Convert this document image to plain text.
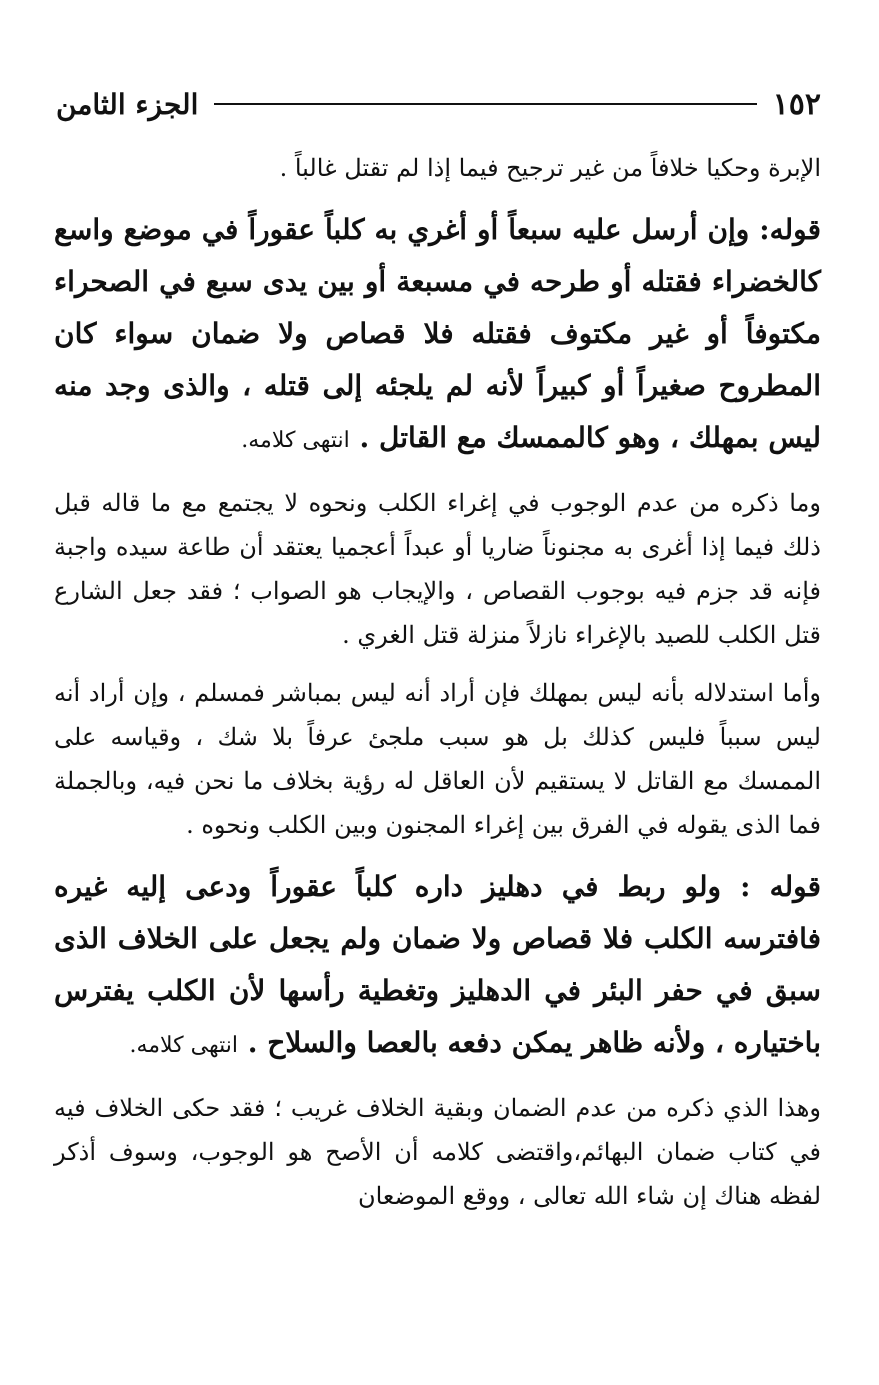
١٥٢
الجزء الثامن

الإبرة وحكيا خلافاً من غير ترجيح فيما إذا لم تقتل غالباً .

قوله: وإن أرسل عليه سبعاً أو أغري به كلباً عقوراً في موضع واسع كالخضراء فقتله أو طرحه في مسبعة أو بين يدى سبع في الصحراء مكتوفاً أو غير مكتوف فقتله فلا قصاص ولا ضمان سواء كان المطروح صغيراً أو كبيراً لأنه لم يلجئه إلى قتله ، والذى وجد منه ليس بمهلك ، وهو كالممسك مع القاتل . انتهى كلامه.

وما ذكره من عدم الوجوب في إغراء الكلب ونحوه لا يجتمع مع ما قاله قبل ذلك فيما إذا أغرى به مجنوناً ضاريا أو عبداً أعجميا يعتقد أن طاعة سيده واجبة فإنه قد جزم فيه بوجوب القصاص ، والإيجاب هو الصواب ؛ فقد جعل الشارع قتل الكلب للصيد بالإغراء نازلاً منزلة قتل الغري .

وأما استدلاله بأنه ليس بمهلك فإن أراد أنه ليس بمباشر فمسلم ، وإن أراد أنه ليس سبباً فليس كذلك بل هو سبب ملجئ عرفاً بلا شك ، وقياسه على الممسك مع القاتل لا يستقيم لأن العاقل له رؤية بخلاف ما نحن فيه، وبالجملة فما الذى يقوله في الفرق بين إغراء المجنون وبين الكلب ونحوه .

قوله : ولو ربط في دهليز داره كلباً عقوراً ودعى إليه غيره فافترسه الكلب فلا قصاص ولا ضمان ولم يجعل على الخلاف الذى سبق في حفر البئر في الدهليز وتغطية رأسها لأن الكلب يفترس باختياره ، ولأنه ظاهر يمكن دفعه بالعصا والسلاح . انتهى كلامه.

وهذا الذي ذكره من عدم الضمان وبقية الخلاف غريب ؛ فقد حكى الخلاف فيه في كتاب ضمان البهائم،واقتضى كلامه أن الأصح هو الوجوب، وسوف أذكر لفظه هناك إن شاء الله تعالى ، ووقع الموضعان
